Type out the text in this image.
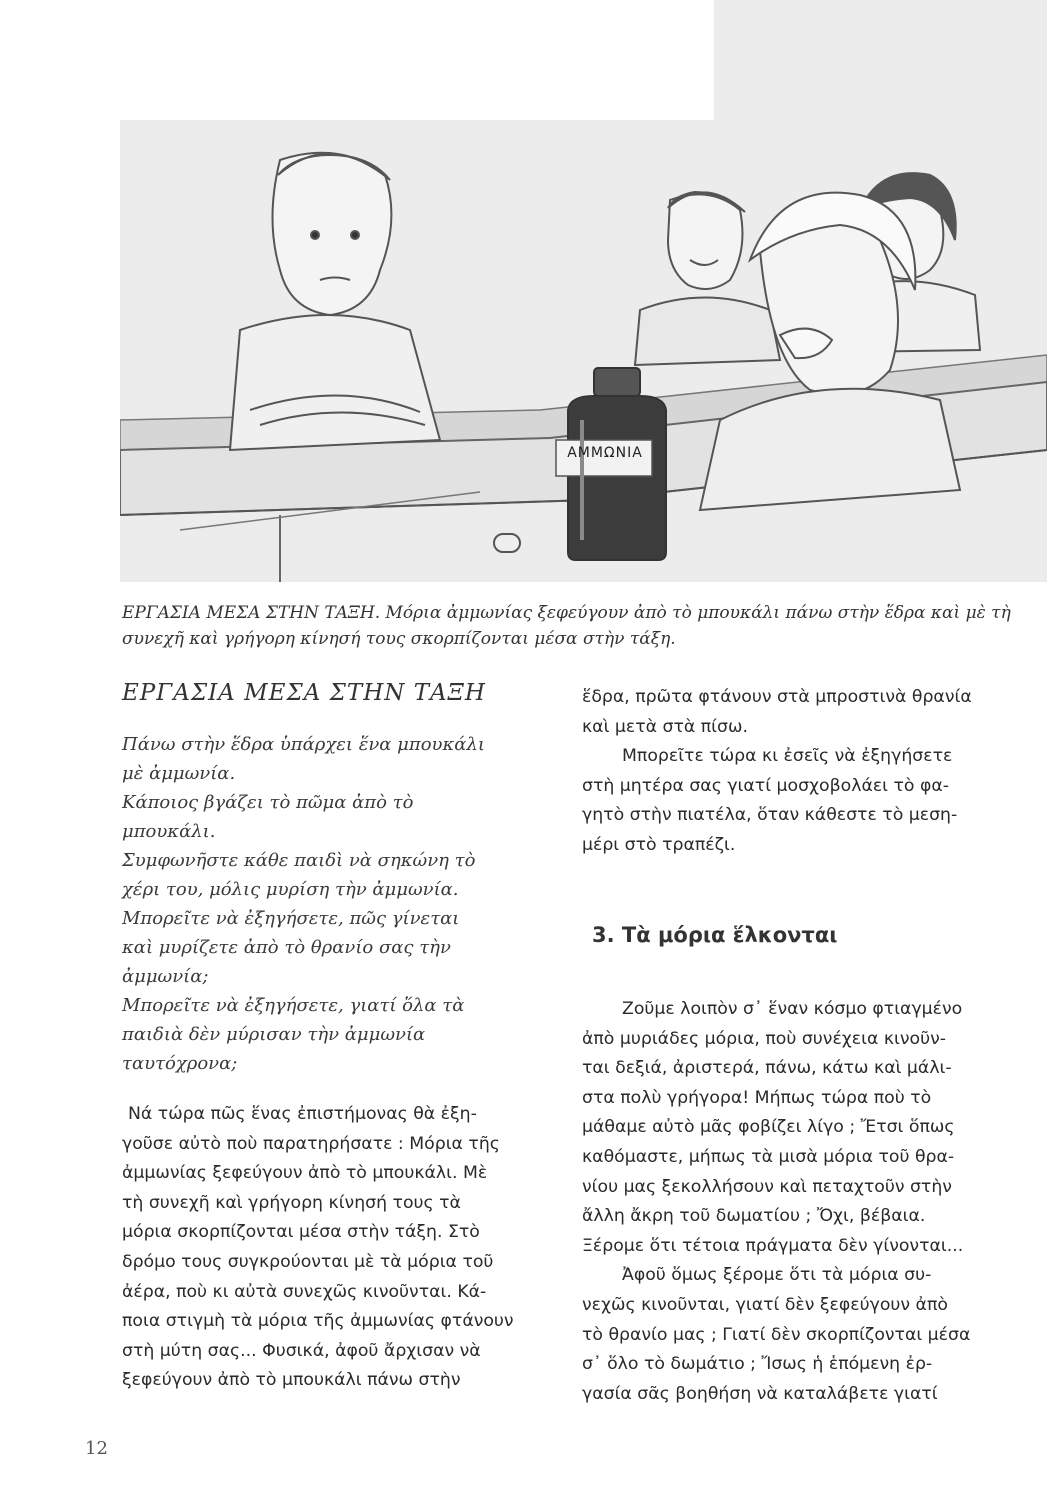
ΑΜΜΩΝΙΑ
ΕΡΓΑΣΙΑ ΜΕΣΑ ΣΤΗΝ ΤΑΞΗ. Μόρια ἀμμωνίας ξεφεύγουν ἀπὸ τὸ μπουκάλι πάνω στὴν ἕδρα καὶ μὲ τὴ
συνεχῆ καὶ γρήγορη κίνησή τους σκορπίζονται μέσα στὴν τάξη.
ΕΡΓΑΣΙΑ ΜΕΣΑ ΣΤΗΝ ΤΑΞΗ
Πάνω στὴν ἕδρα ὑπάρχει ἕνα μπουκάλι
μὲ ἀμμωνία.
Κάποιος βγάζει τὸ πῶμα ἀπὸ τὸ
μπουκάλι.
Συμφωνῆστε κάθε παιδὶ νὰ σηκώνη τὸ
χέρι του, μόλις μυρίση τὴν ἀμμωνία.
Μπορεῖτε νὰ ἐξηγήσετε, πῶς γίνεται
καὶ μυρίζετε ἀπὸ τὸ θρανίο σας τὴν
ἀμμωνία;
Μπορεῖτε νὰ ἐξηγήσετε, γιατί ὅλα τὰ
παιδιὰ δὲν μύρισαν τὴν ἀμμωνία
ταυτόχρονα;
Νά τώρα πῶς ἕνας ἐπιστήμονας θὰ ἐξη-
γοῦσε αὐτὸ ποὺ παρατηρήσατε : Μόρια τῆς
ἀμμωνίας ξεφεύγουν ἀπὸ τὸ μπουκάλι. Μὲ
τὴ συνεχῆ καὶ γρήγορη κίνησή τους τὰ
μόρια σκορπίζονται μέσα στὴν τάξη. Στὸ
δρόμο τους συγκρούονται μὲ τὰ μόρια τοῦ
ἀέρα, ποὺ κι αὐτὰ συνεχῶς κινοῦνται. Κά-
ποια στιγμὴ τὰ μόρια τῆς ἀμμωνίας φτάνουν
στὴ μύτη σας... Φυσικά, ἀφοῦ ἄρχισαν νὰ
ξεφεύγουν ἀπὸ τὸ μπουκάλι πάνω στὴν
ἕδρα, πρῶτα φτάνουν στὰ μπροστινὰ θρανία
καὶ μετὰ στὰ πίσω.
Μπορεῖτε τώρα κι ἐσεῖς νὰ ἐξηγήσετε
στὴ μητέρα σας γιατί μοσχοβολάει τὸ φα-
γητὸ στὴν πιατέλα, ὅταν κάθεστε τὸ μεση-
μέρι στὸ τραπέζι.
3. Τὰ μόρια ἕλκονται
Ζοῦμε λοιπὸν σ᾽ ἕναν κόσμο φτιαγμένο
ἀπὸ μυριάδες μόρια, ποὺ συνέχεια κινοῦν-
ται δεξιά, ἀριστερά, πάνω, κάτω καὶ μάλι-
στα πολὺ γρήγορα! Μήπως τώρα ποὺ τὸ
μάθαμε αὐτὸ μᾶς φοβίζει λίγο ; Ἔτσι ὅπως
καθόμαστε, μήπως τὰ μισὰ μόρια τοῦ θρα-
νίου μας ξεκολλήσουν καὶ πεταχτοῦν στὴν
ἄλλη ἄκρη τοῦ δωματίου ; Ὄχι, βέβαια.
Ξέρομε ὅτι τέτοια πράγματα δὲν γίνονται...
Ἀφοῦ ὅμως ξέρομε ὅτι τὰ μόρια συ-
νεχῶς κινοῦνται, γιατί δὲν ξεφεύγουν ἀπὸ
τὸ θρανίο μας ; Γιατί δὲν σκορπίζονται μέσα
σ᾽ ὅλο τὸ δωμάτιο ; Ἴσως ἡ ἑπόμενη ἐρ-
γασία σᾶς βοηθήση νὰ καταλάβετε γιατί
12
